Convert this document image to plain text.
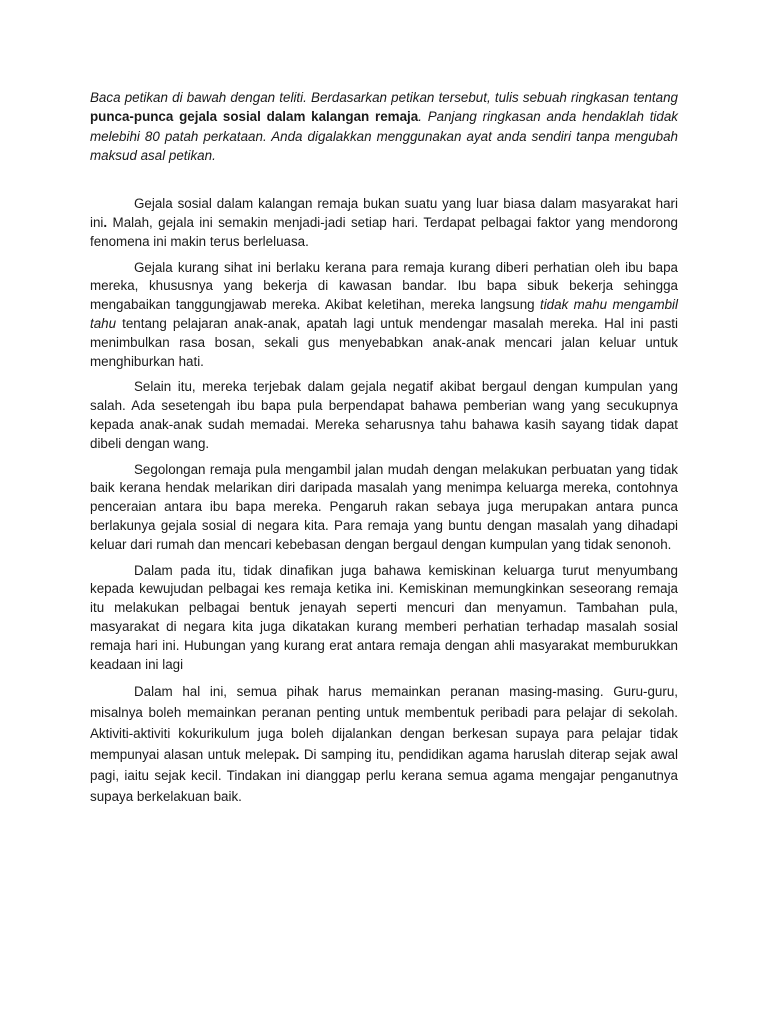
Baca petikan di bawah dengan teliti. Berdasarkan petikan tersebut, tulis sebuah ringkasan tentang punca-punca gejala sosial dalam kalangan remaja. Panjang ringkasan anda hendaklah tidak melebihi 80 patah perkataan. Anda digalakkan menggunakan ayat anda sendiri tanpa mengubah maksud asal petikan.

Gejala sosial dalam kalangan remaja bukan suatu yang luar biasa dalam masyarakat hari ini. Malah, gejala ini semakin menjadi-jadi setiap hari. Terdapat pelbagai faktor yang mendorong fenomena ini makin terus berleluasa.

Gejala kurang sihat ini berlaku kerana para remaja kurang diberi perhatian oleh ibu bapa mereka, khususnya yang bekerja di kawasan bandar. Ibu bapa sibuk bekerja sehingga mengabaikan tanggungjawab mereka. Akibat keletihan, mereka langsung tidak mahu mengambil tahu tentang pelajaran anak-anak, apatah lagi untuk mendengar masalah mereka. Hal ini pasti menimbulkan rasa bosan, sekali gus menyebabkan anak-anak mencari jalan keluar untuk menghiburkan hati.

Selain itu, mereka terjebak dalam gejala negatif akibat bergaul dengan kumpulan yang salah. Ada sesetengah ibu bapa pula berpendapat bahawa pemberian wang yang secukupnya kepada anak-anak sudah memadai. Mereka seharusnya tahu bahawa kasih sayang tidak dapat dibeli dengan wang.

Segolongan remaja pula mengambil jalan mudah dengan melakukan perbuatan yang tidak baik kerana hendak melarikan diri daripada masalah yang menimpa keluarga mereka, contohnya penceraian antara ibu bapa mereka. Pengaruh rakan sebaya juga merupakan antara punca berlakunya gejala sosial di negara kita. Para remaja yang buntu dengan masalah yang dihadapi keluar dari rumah dan mencari kebebasan dengan bergaul dengan kumpulan yang tidak senonoh.

Dalam pada itu, tidak dinafikan juga bahawa kemiskinan keluarga turut menyumbang kepada kewujudan pelbagai kes remaja ketika ini. Kemiskinan memungkinkan seseorang remaja itu melakukan pelbagai bentuk jenayah seperti mencuri dan menyamun. Tambahan pula, masyarakat di negara kita juga dikatakan kurang memberi perhatian terhadap masalah sosial remaja hari ini. Hubungan yang kurang erat antara remaja dengan ahli masyarakat memburukkan keadaan ini lagi

Dalam hal ini, semua pihak harus memainkan peranan masing-masing. Guru-guru, misalnya boleh memainkan peranan penting untuk membentuk peribadi para pelajar di sekolah. Aktiviti-aktiviti kokurikulum juga boleh dijalankan dengan berkesan supaya para pelajar tidak mempunyai alasan untuk melepak. Di samping itu, pendidikan agama haruslah diterap sejak awal pagi, iaitu sejak kecil. Tindakan ini dianggap perlu kerana semua agama mengajar penganutnya supaya berkelakuan baik.
